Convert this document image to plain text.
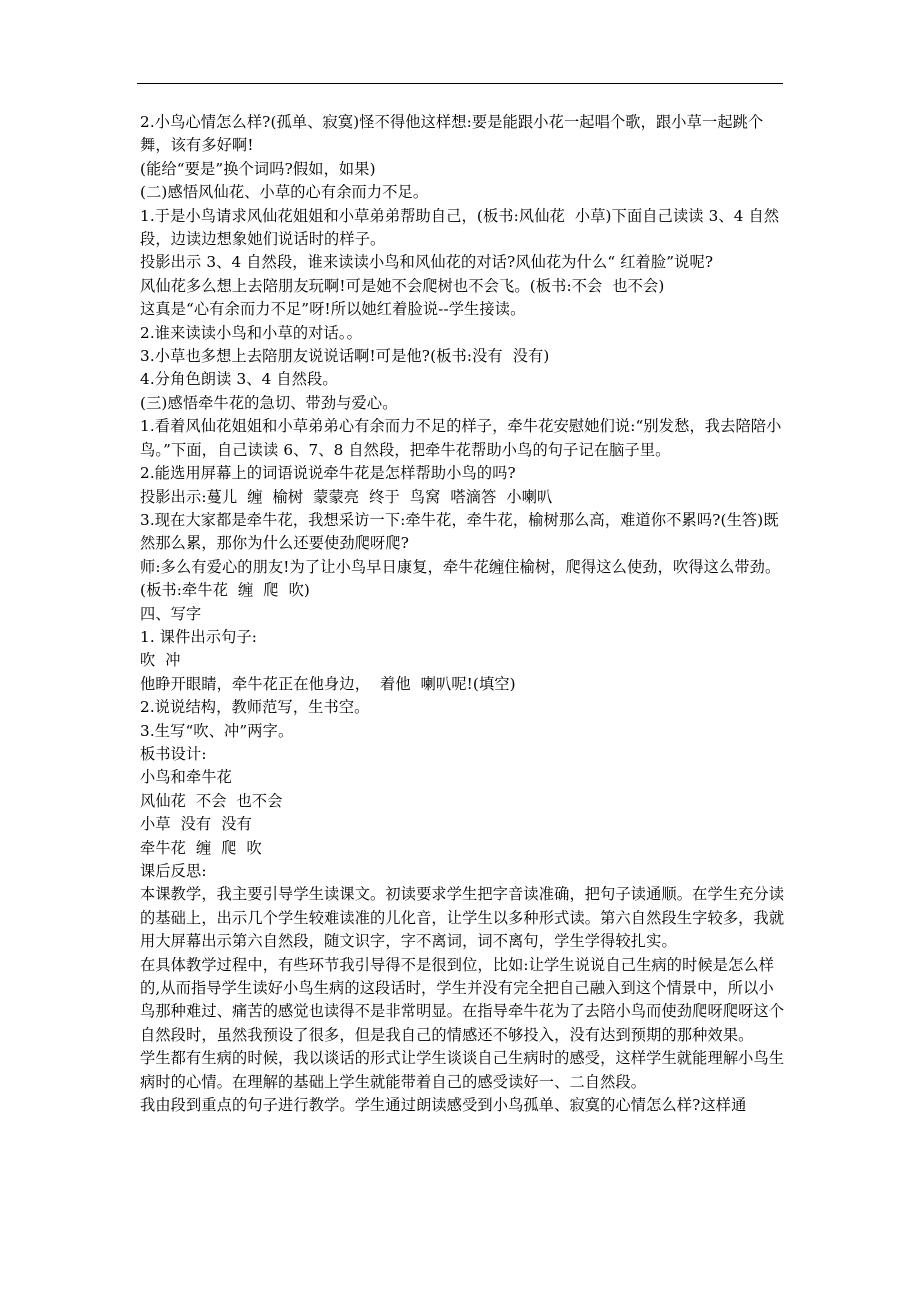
2.小鸟心情怎么样?(孤单、寂寞)怪不得他这样想:要是能跟小花一起唱个歌，跟小草一起跳个舞，该有多好啊!

(能给“要是”换个词吗?假如，如果)

(二)感悟风仙花、小草的心有余而力不足。

1.于是小鸟请求风仙花姐姐和小草弟弟帮助自己，(板书:风仙花  小草)下面自己读读 3、4 自然段，边读边想象她们说话时的样子。

投影出示 3、4 自然段，谁来读读小鸟和风仙花的对话?风仙花为什么“ 红着脸”说呢?

风仙花多么想上去陪朋友玩啊!可是她不会爬树也不会飞。(板书:不会  也不会)

这真是“心有余而力不足”呀!所以她红着脸说--学生接读。

2.谁来读读小鸟和小草的对话。。

3.小草也多想上去陪朋友说说话啊!可是他?(板书:没有  没有)

4.分角色朗读 3、4 自然段。

(三)感悟牵牛花的急切、带劲与爱心。

1.看着风仙花姐姐和小草弟弟心有余而力不足的样子，牵牛花安慰她们说:“别发愁，我去陪陪小鸟。”下面，自己读读 6、7、8 自然段，把牵牛花帮助小鸟的句子记在脑子里。

2.能选用屏幕上的词语说说牵牛花是怎样帮助小鸟的吗?

投影出示:蔓儿  缠  榆树  蒙蒙亮  终于  鸟窝  嗒滴答  小喇叭

3.现在大家都是牵牛花，我想采访一下:牵牛花，牵牛花，榆树那么高，难道你不累吗?(生答)既然那么累，那你为什么还要使劲爬呀爬?

师:多么有爱心的朋友!为了让小鸟早日康复，牵牛花缠住榆树，爬得这么使劲，吹得这么带劲。(板书:牵牛花  缠  爬  吹)

四、写字

1. 课件出示句子:

吹  冲

他睁开眼睛，牵牛花正在他身边，  着他  喇叭呢!(填空)

2.说说结构，教师范写，生书空。

3.生写“吹、冲”两字。

板书设计:

小鸟和牵牛花

风仙花  不会  也不会

小草  没有  没有

牵牛花  缠  爬  吹

课后反思:

本课教学，我主要引导学生读课文。初读要求学生把字音读准确，把句子读通顺。在学生充分读的基础上，出示几个学生较难读准的儿化音，让学生以多种形式读。第六自然段生字较多，我就用大屏幕出示第六自然段，随文识字，字不离词，词不离句，学生学得较扎实。

在具体教学过程中，有些环节我引导得不是很到位，比如:让学生说说自己生病的时候是怎么样的,从而指导学生读好小鸟生病的这段话时，学生并没有完全把自己融入到这个情景中，所以小鸟那种难过、痛苦的感觉也读得不是非常明显。在指导牵牛花为了去陪小鸟而使劲爬呀爬呀这个自然段时，虽然我预设了很多，但是我自己的情感还不够投入，没有达到预期的那种效果。

学生都有生病的时候，我以谈话的形式让学生谈谈自己生病时的感受，这样学生就能理解小鸟生病时的心情。在理解的基础上学生就能带着自己的感受读好一、二自然段。

我由段到重点的句子进行教学。学生通过朗读感受到小鸟孤单、寂寞的心情怎么样?这样通
